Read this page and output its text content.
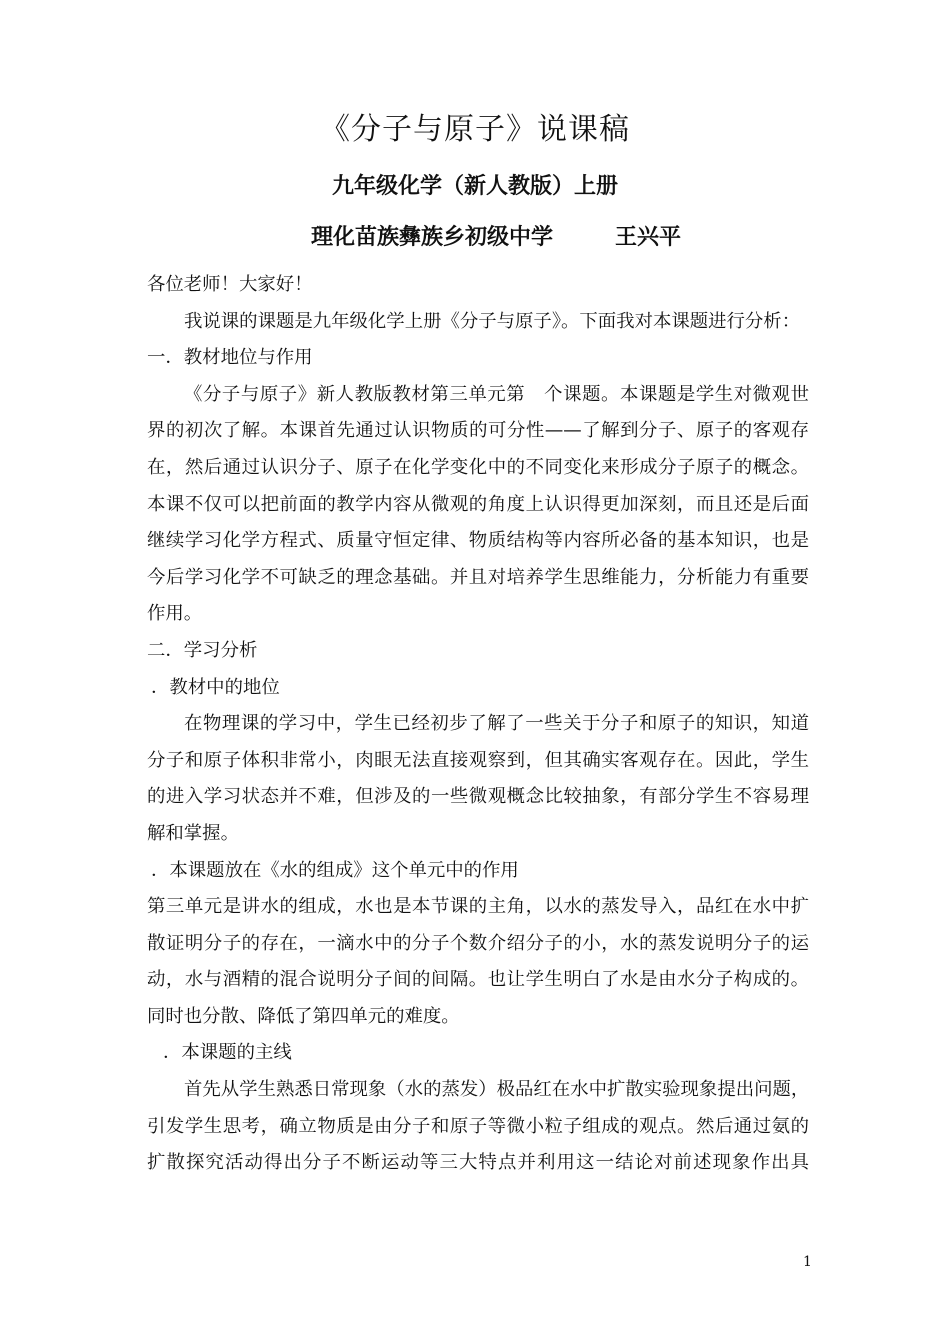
《分子与原子》说课稿
九年级化学（新人教版）上册
理化苗族彝族乡初级中学	王兴平
各位老师！大家好！
我说课的课题是九年级化学上册《分子与原子》。下面我对本课题进行分析：
一．教材地位与作用
《分子与原子》新人教版教材第三单元第　个课题。本课题是学生对微观世
界的初次了解。本课首先通过认识物质的可分性——了解到分子、原子的客观存
在，然后通过认识分子、原子在化学变化中的不同变化来形成分子原子的概念。
本课不仅可以把前面的教学内容从微观的角度上认识得更加深刻，而且还是后面
继续学习化学方程式、质量守恒定律、物质结构等内容所必备的基本知识，也是
今后学习化学不可缺乏的理念基础。并且对培养学生思维能力，分析能力有重要
作用。
二．学习分析
．教材中的地位
在物理课的学习中，学生已经初步了解了一些关于分子和原子的知识，知道
分子和原子体积非常小，肉眼无法直接观察到，但其确实客观存在。因此，学生
的进入学习状态并不难，但涉及的一些微观概念比较抽象，有部分学生不容易理
解和掌握。
．本课题放在《水的组成》这个单元中的作用
第三单元是讲水的组成，水也是本节课的主角，以水的蒸发导入，品红在水中扩
散证明分子的存在，一滴水中的分子个数介绍分子的小，水的蒸发说明分子的运
动，水与酒精的混合说明分子间的间隔。也让学生明白了水是由水分子构成的。
同时也分散、降低了第四单元的难度。
．本课题的主线
首先从学生熟悉日常现象（水的蒸发）极品红在水中扩散实验现象提出问题，
引发学生思考，确立物质是由分子和原子等微小粒子组成的观点。然后通过氨的
扩散探究活动得出分子不断运动等三大特点并利用这一结论对前述现象作出具
1
